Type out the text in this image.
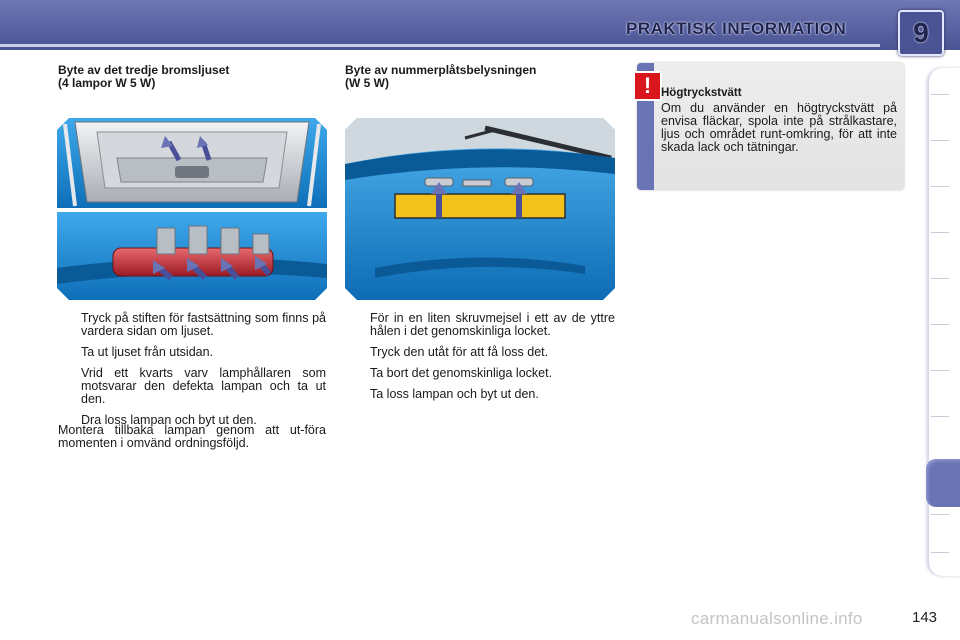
PRAKTISK INFORMATION	9
Byte av det tredje bromsljuset
(4 lampor W 5 W)
Tryck på stiften för fastsättning som finns på vardera sidan om ljuset.
Ta ut ljuset från utsidan.
Vrid ett kvarts varv lamphållaren som motsvarar den defekta lampan och ta ut den.
Dra loss lampan och byt ut den.

Montera tillbaka lampan genom att ut-föra momenten i omvänd ordningsföljd.

Byte av nummerplåtsbelysningen
(W 5 W)
För in en liten skruvmejsel i ett av de yttre hålen i det genomskinliga locket.
Tryck den utåt för att få loss det.
Ta bort det genomskinliga locket.
Ta loss lampan och byt ut den.
! Högtryckstvätt

Om du använder en högtryckstvätt på envisa fläckar, spola inte på strålkastare, ljus och området runt-omkring, för att inte skada lack och tätningar.

143
carmanualsonline.info
